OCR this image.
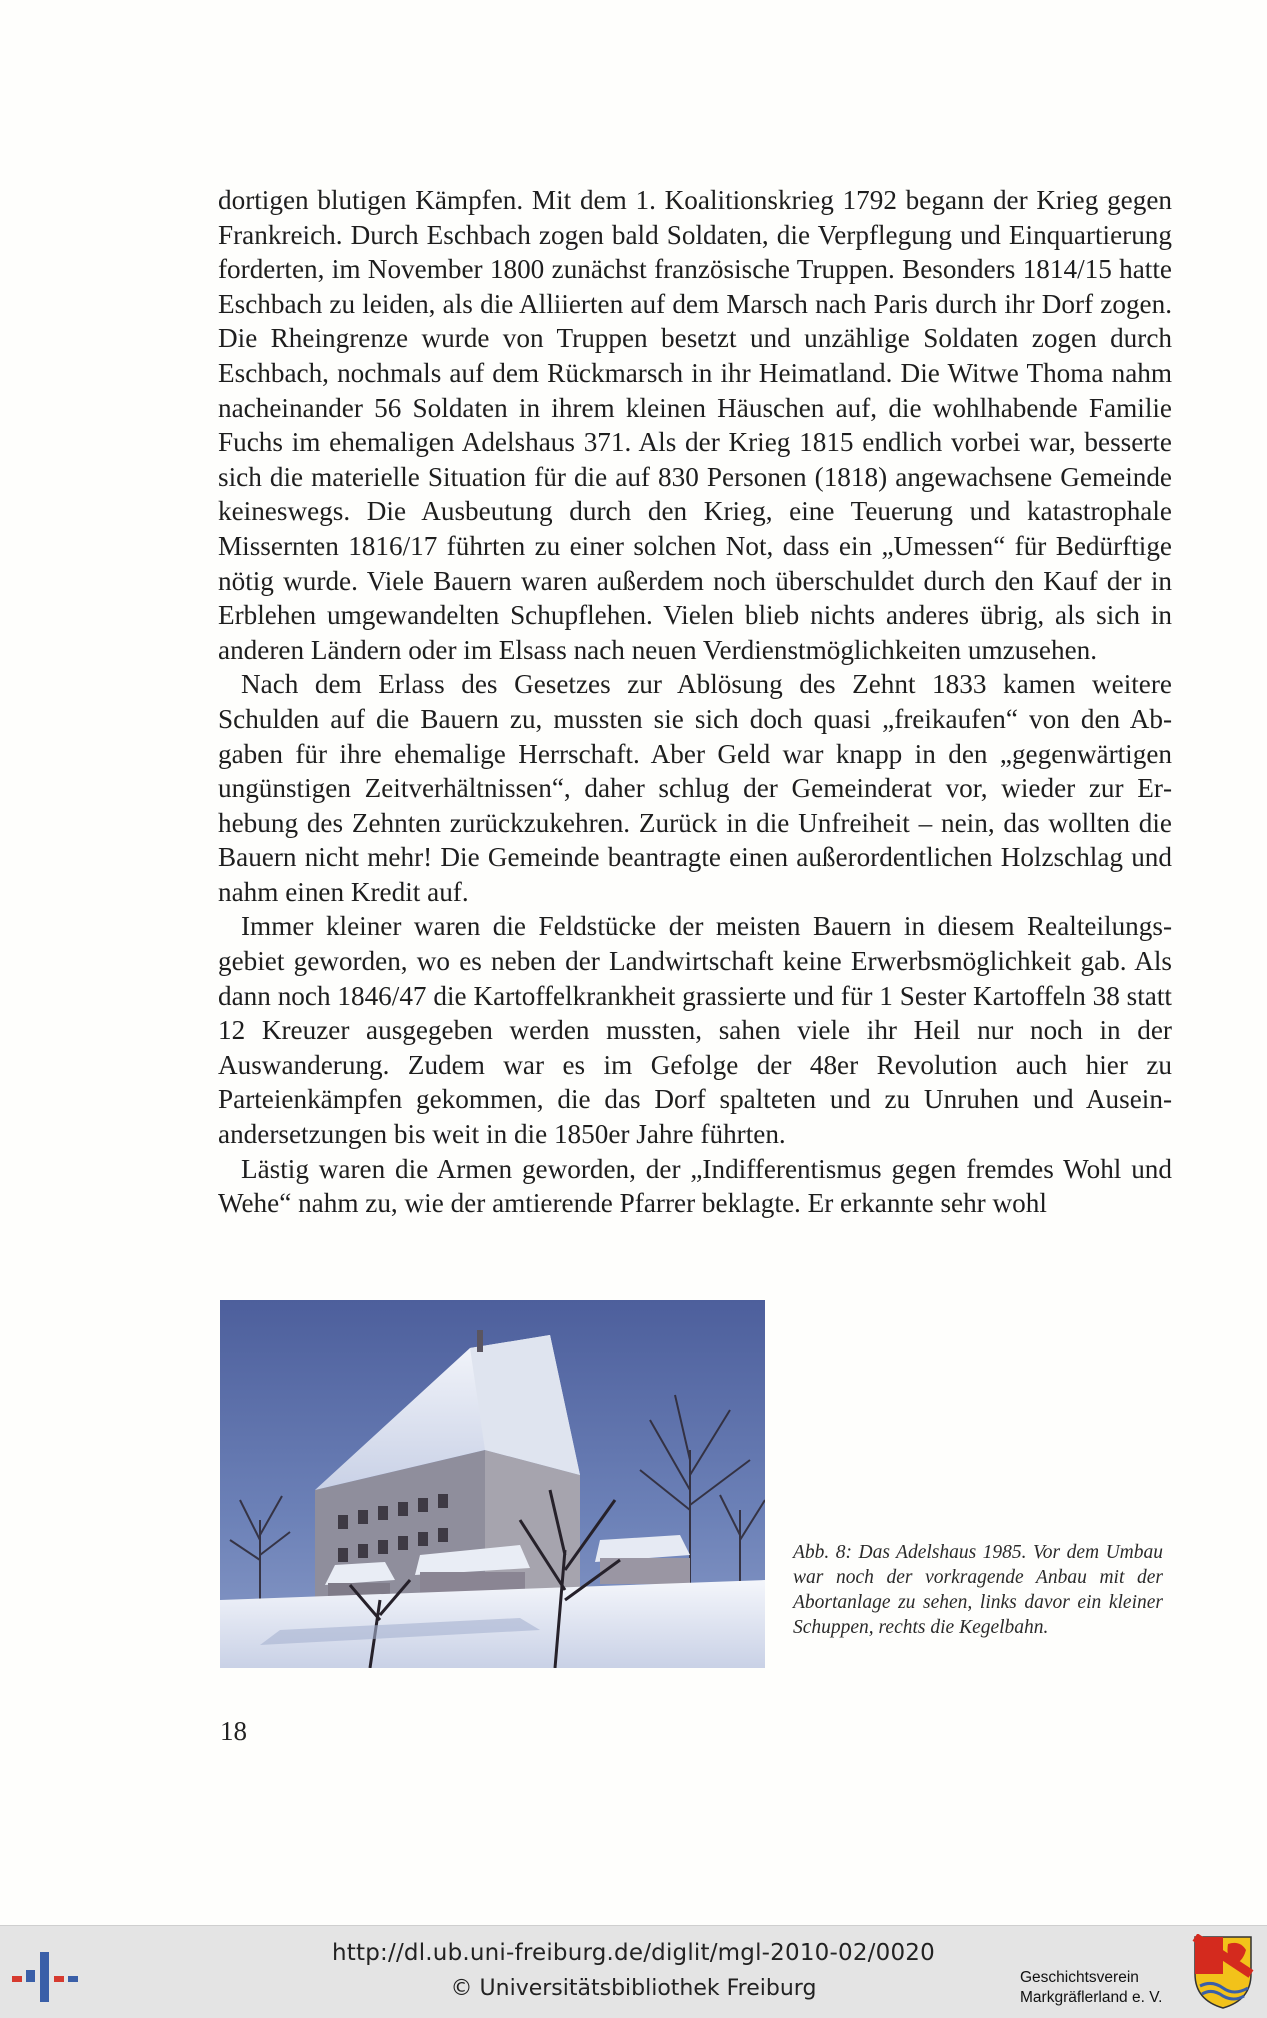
dortigen blutigen Kämpfen. Mit dem 1. Koalitionskrieg 1792 begann der Krieg gegen Frankreich. Durch Eschbach zogen bald Soldaten, die Verpflegung und Einquartierung forderten, im November 1800 zunächst französische Truppen. Besonders 1814/15 hatte Eschbach zu leiden, als die Alliierten auf dem Marsch nach Paris durch ihr Dorf zogen. Die Rheingrenze wurde von Truppen besetzt und unzählige Soldaten zogen durch Eschbach, nochmals auf dem Rückmarsch in ihr Heimatland. Die Witwe Thoma nahm nacheinander 56 Soldaten in ihrem kleinen Häuschen auf, die wohlhabende Familie Fuchs im ehemaligen Adelshaus 371. Als der Krieg 1815 endlich vorbei war, besserte sich die materielle Situation für die auf 830 Personen (1818) angewachsene Gemeinde keineswegs. Die Ausbeutung durch den Krieg, eine Teuerung und katastrophale Missernten 1816/17 führten zu einer solchen Not, dass ein „Umessen“ für Bedürftige nötig wurde. Viele Bauern waren außerdem noch überschuldet durch den Kauf der in Erblehen umgewandelten Schupflehen. Vielen blieb nichts anderes übrig, als sich in anderen Ländern oder im Elsass nach neuen Verdienstmöglichkeiten umzusehen.

Nach dem Erlass des Gesetzes zur Ablösung des Zehnt 1833 kamen weitere Schulden auf die Bauern zu, mussten sie sich doch quasi „freikaufen“ von den Abgaben für ihre ehemalige Herrschaft. Aber Geld war knapp in den „gegenwärtigen ungünstigen Zeitverhältnissen“, daher schlug der Gemeinderat vor, wieder zur Erhebung des Zehnten zurückzukehren. Zurück in die Unfreiheit – nein, das wollten die Bauern nicht mehr! Die Gemeinde beantragte einen außerordentlichen Holzschlag und nahm einen Kredit auf.

Immer kleiner waren die Feldstücke der meisten Bauern in diesem Realteilungsgebiet geworden, wo es neben der Landwirtschaft keine Erwerbsmöglichkeit gab. Als dann noch 1846/47 die Kartoffelkrankheit grassierte und für 1 Sester Kartoffeln 38 statt 12 Kreuzer ausgegeben werden mussten, sahen viele ihr Heil nur noch in der Auswanderung. Zudem war es im Gefolge der 48er Revolution auch hier zu Parteienkämpfen gekommen, die das Dorf spalteten und zu Unruhen und Auseinandersetzungen bis weit in die 1850er Jahre führten.

Lästig waren die Armen geworden, der „Indifferentismus gegen fremdes Wohl und Wehe“ nahm zu, wie der amtierende Pfarrer beklagte. Er erkannte sehr wohl

Abb. 8: Das Adelshaus 1985. Vor dem Umbau war noch der vorkragende Anbau mit der Abortanlage zu sehen, links davor ein kleiner Schuppen, rechts die Kegelbahn.
18
http://dl.ub.uni-freiburg.de/diglit/mgl-2010-02/0020
© Universitätsbibliothek Freiburg	Geschichtsverein
Markgräflerland e. V.
